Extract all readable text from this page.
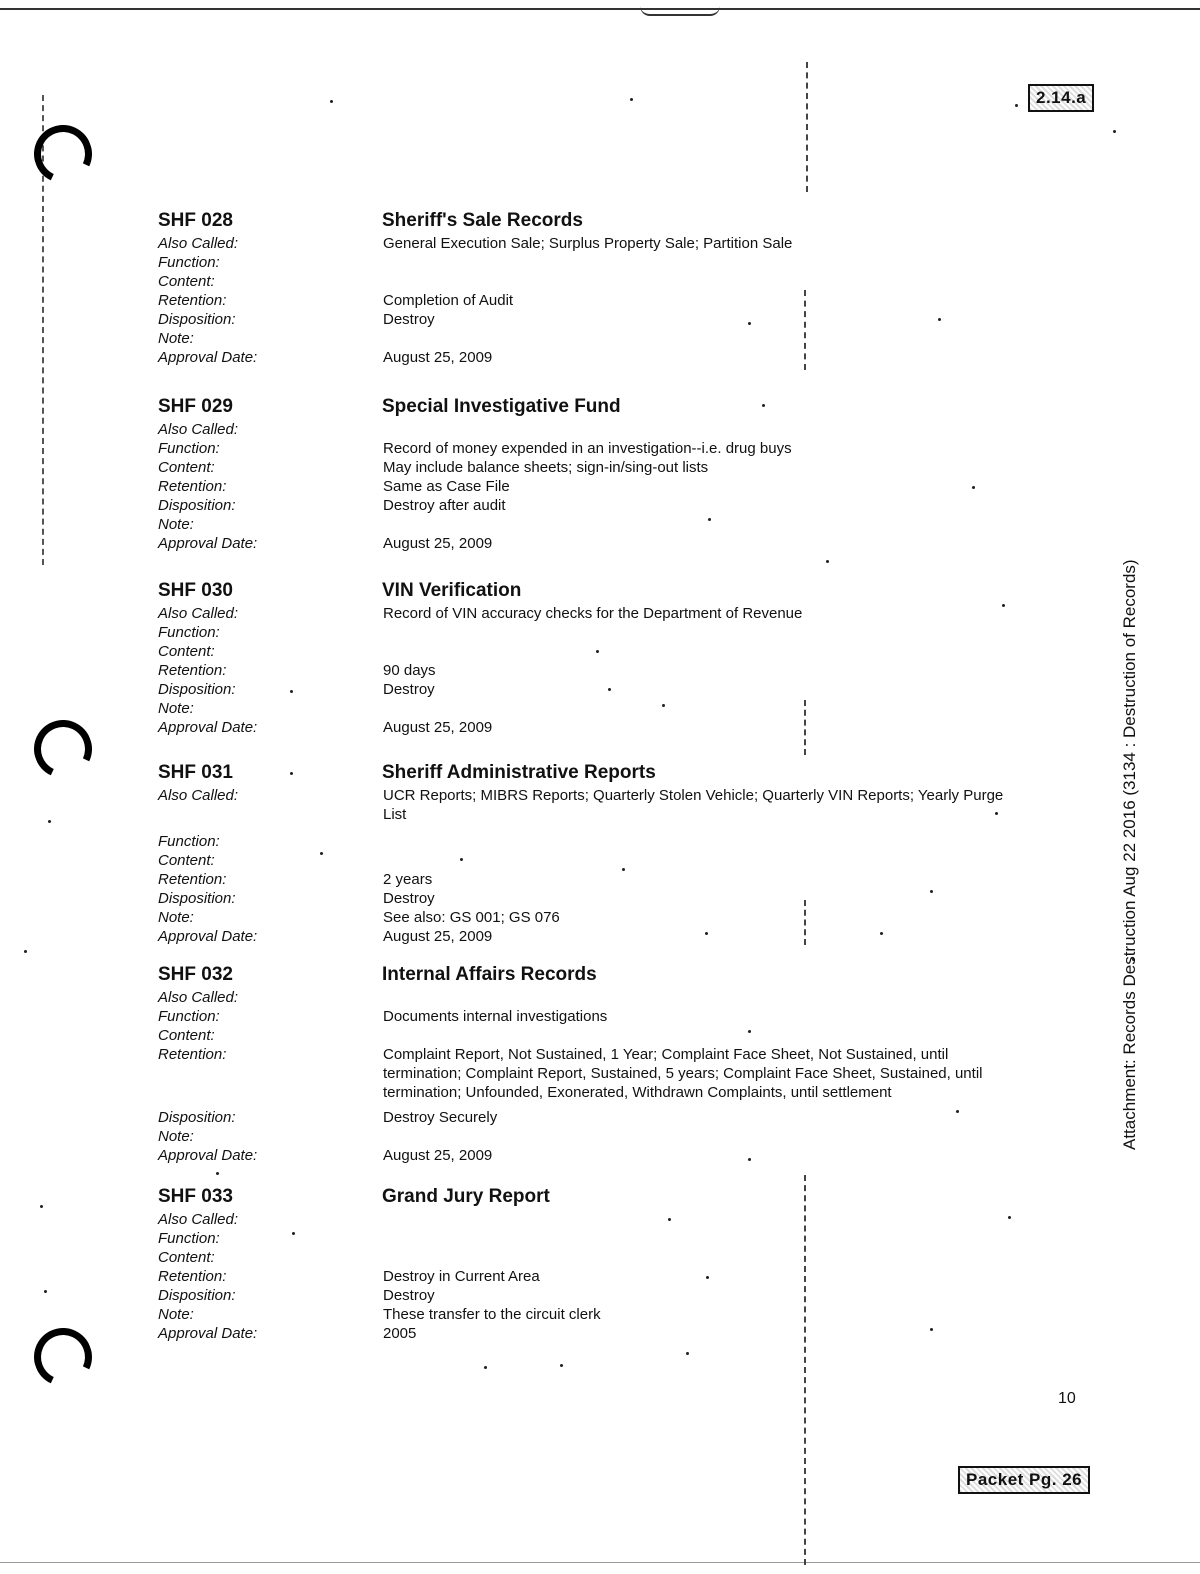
2.14.a
Attachment: Records Destruction Aug 22 2016 (3134 : Destruction of Records)
10
Packet Pg. 26
SHF 028	Sheriff's Sale Records
Also Called:	General Execution Sale; Surplus Property Sale; Partition Sale
Function:
Content:
Retention:	Completion of Audit
Disposition:	Destroy
Note:
Approval Date:	August 25, 2009
SHF 029	Special Investigative Fund
Also Called:
Function:	Record of money expended in an investigation--i.e. drug buys
Content:	May include balance sheets; sign-in/sing-out lists
Retention:	Same as Case File
Disposition:	Destroy after audit
Note:
Approval Date:	August 25, 2009
SHF 030	VIN Verification
Also Called:	Record of VIN accuracy checks for the Department of Revenue
Function:
Content:
Retention:	90 days
Disposition:	Destroy
Note:
Approval Date:	August 25, 2009
SHF 031	Sheriff Administrative Reports
Also Called:	UCR Reports; MIBRS Reports; Quarterly Stolen Vehicle; Quarterly VIN Reports; Yearly Purge List
Function:
Content:
Retention:	2 years
Disposition:	Destroy
Note:	See also: GS 001; GS 076
Approval Date:	August 25, 2009
SHF 032	Internal Affairs Records
Also Called:
Function:	Documents internal investigations
Content:
Retention:	Complaint Report, Not Sustained, 1 Year; Complaint Face Sheet, Not Sustained, until termination; Complaint Report, Sustained, 5 years; Complaint Face Sheet, Sustained, until termination; Unfounded, Exonerated, Withdrawn Complaints, until settlement
Disposition:	Destroy Securely
Note:
Approval Date:	August 25, 2009
SHF 033	Grand Jury Report
Also Called:
Function:
Content:
Retention:	Destroy in Current Area
Disposition:	Destroy
Note:	These transfer to the circuit clerk
Approval Date:	2005
